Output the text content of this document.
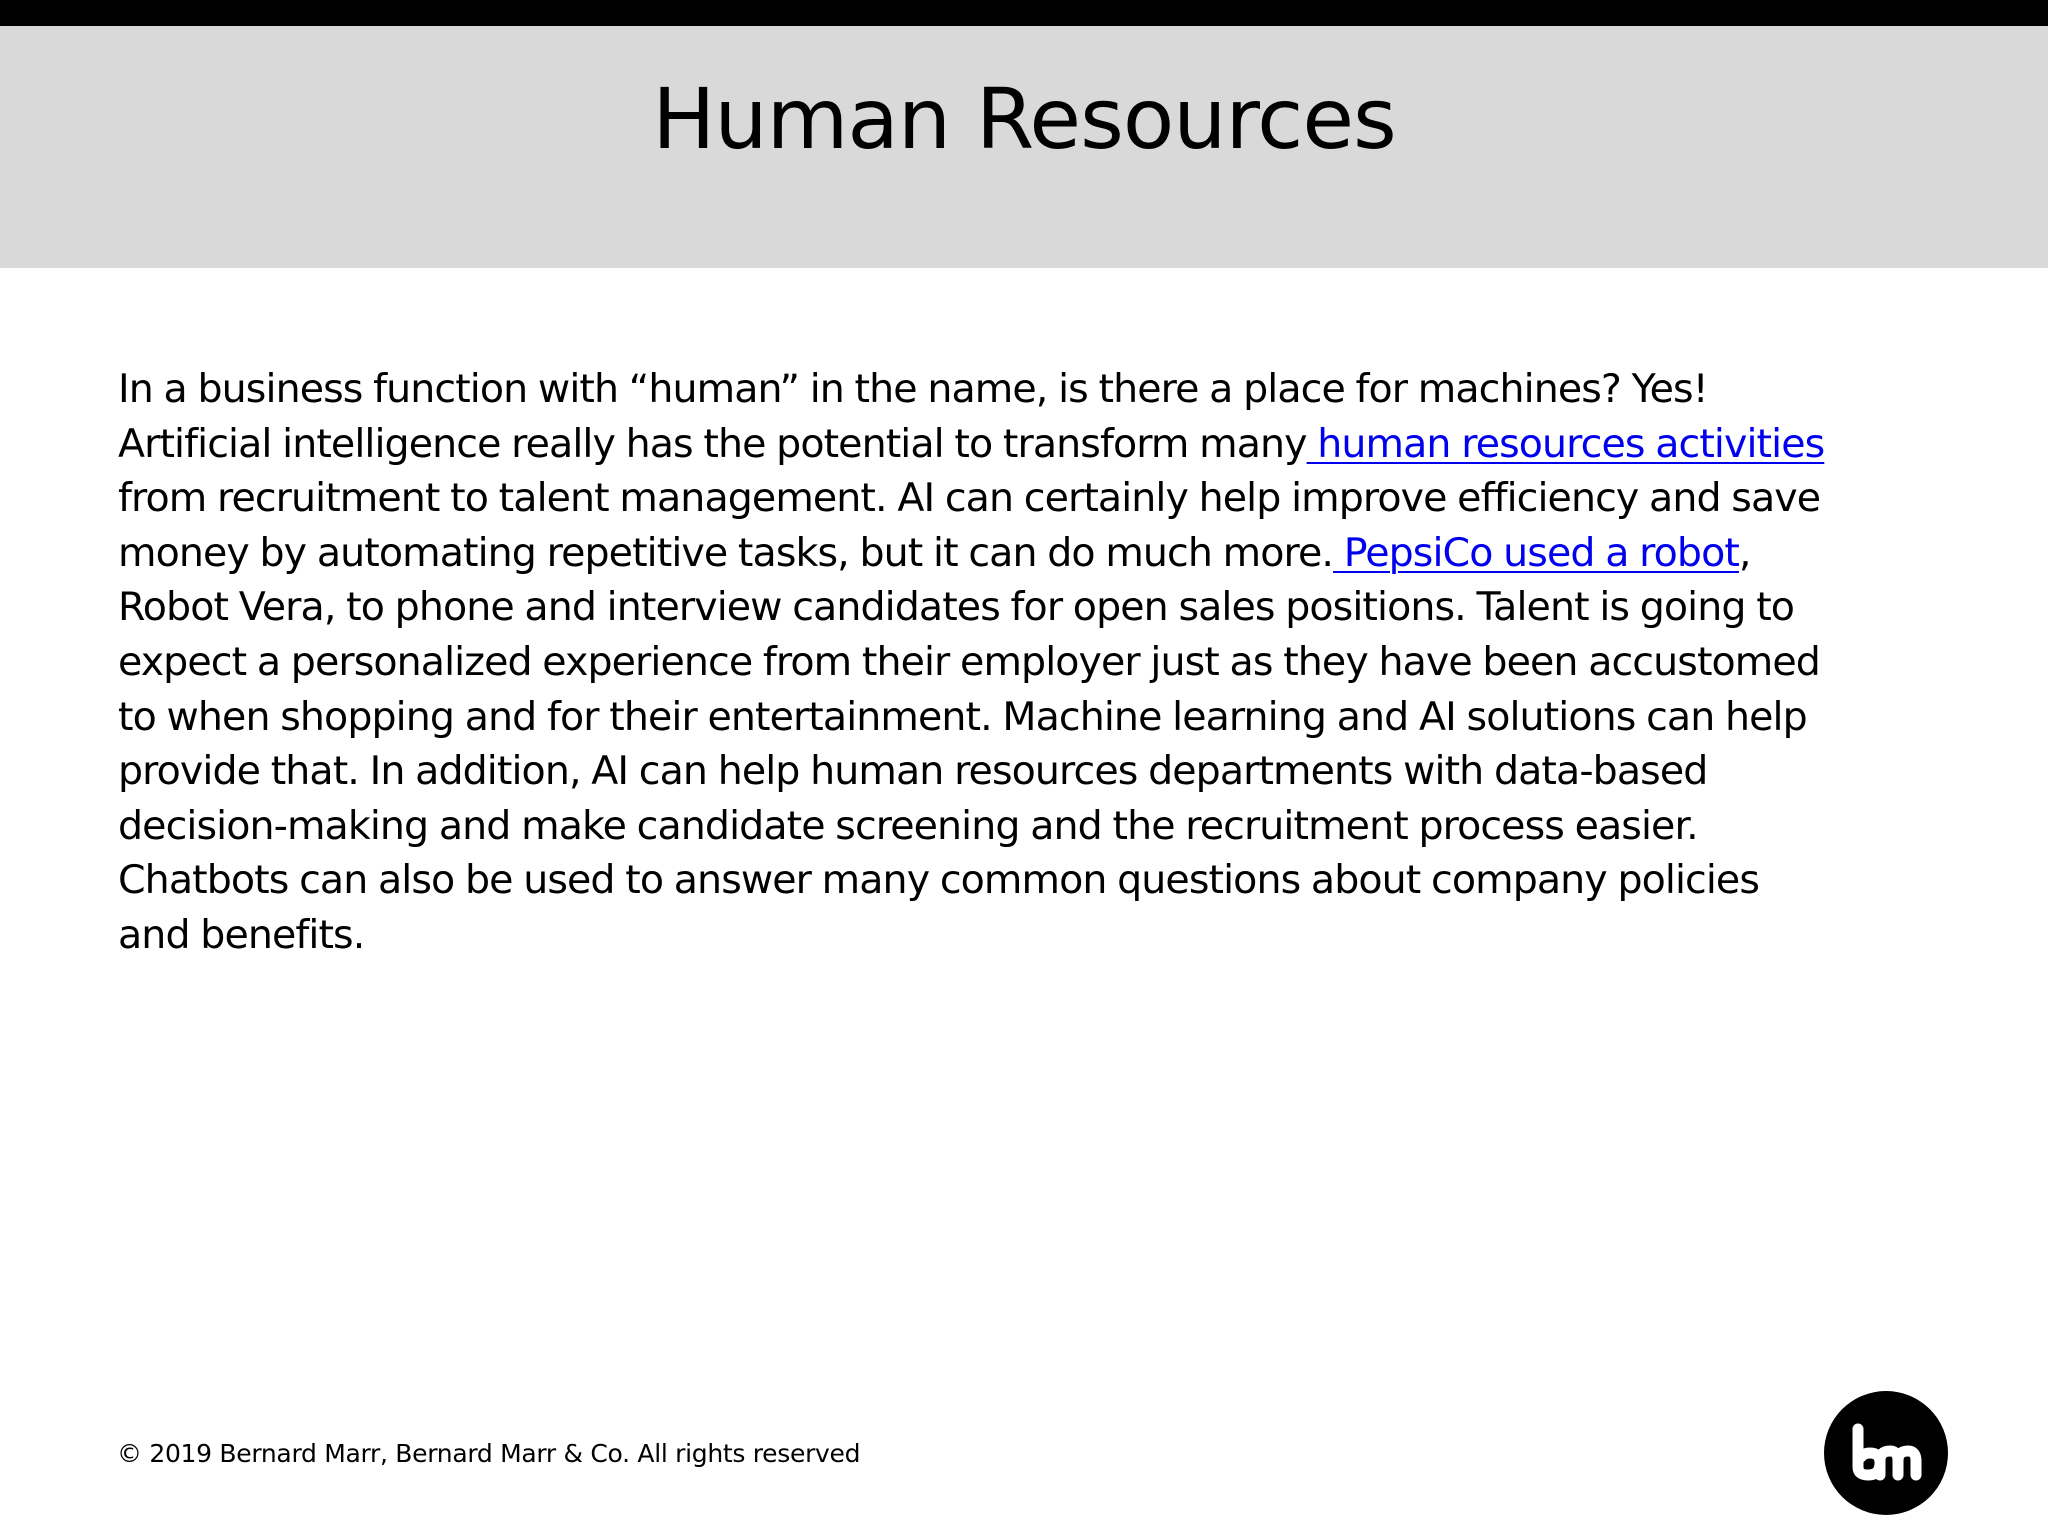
Human Resources
In a business function with “human” in the name, is there a place for machines? Yes!
Artificial intelligence really has the potential to transform many human resources activities
from recruitment to talent management. AI can certainly help improve efficiency and save
money by automating repetitive tasks, but it can do much more. PepsiCo used a robot,
Robot Vera, to phone and interview candidates for open sales positions. Talent is going to
expect a personalized experience from their employer just as they have been accustomed
to when shopping and for their entertainment. Machine learning and AI solutions can help
provide that. In addition, AI can help human resources departments with data-based
decision-making and make candidate screening and the recruitment process easier.
Chatbots can also be used to answer many common questions about company policies
and benefits.

© 2019 Bernard Marr, Bernard Marr & Co. All rights reserved
